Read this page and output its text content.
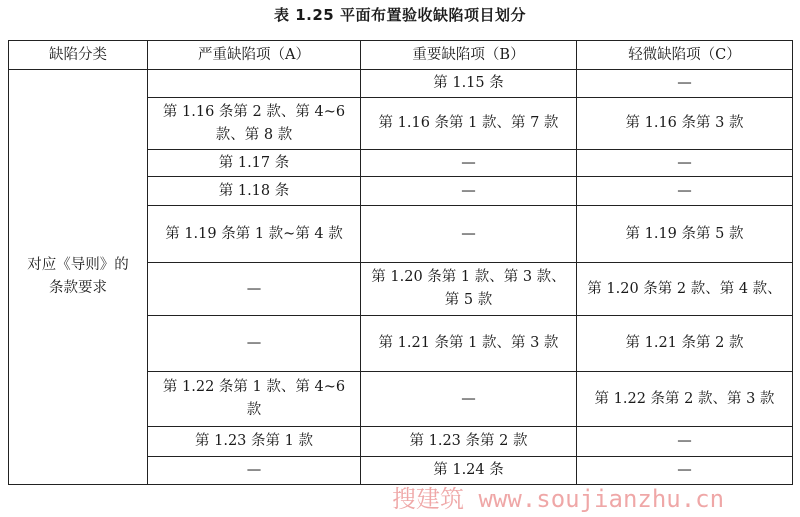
表 1.25 平面布置验收缺陷项目划分
缺陷分类	严重缺陷项（A）	重要缺陷项（B）	轻微缺陷项（C）
对应《导则》的条款要求		第 1.15 条	—
	第 1.16 条第 2 款、第 4~6 款、第 8 款	第 1.16 条第 1 款、第 7 款	第 1.16 条第 3 款
	第 1.17 条	—	—
	第 1.18 条	—	—
	第 1.19 条第 1 款~第 4 款	—	第 1.19 条第 5 款
	—	第 1.20 条第 1 款、第 3 款、第 5 款	第 1.20 条第 2 款、第 4 款、
	—	第 1.21 条第 1 款、第 3 款	第 1.21 条第 2 款
	第 1.22 条第 1 款、第 4~6 款	—	第 1.22 条第 2 款、第 3 款
	第 1.23 条第 1 款	第 1.23 条第 2 款	—
	—	第 1.24 条	—
搜建筑 www.soujianzhu.cn
